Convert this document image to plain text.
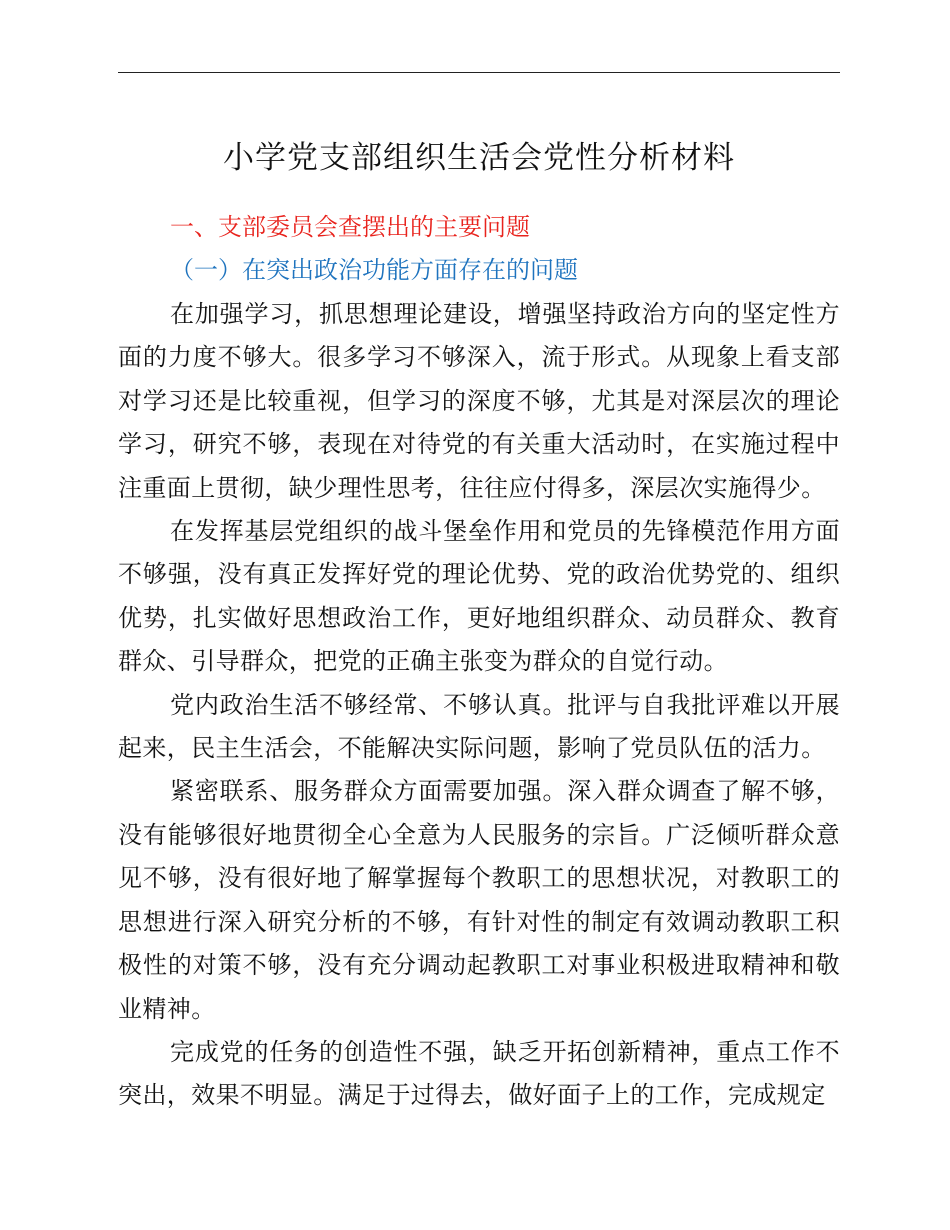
小学党支部组织生活会党性分析材料
一、支部委员会查摆出的主要问题
（一）在突出政治功能方面存在的问题

在加强学习，抓思想理论建设，增强坚持政治方向的坚定性方面的力度不够大。很多学习不够深入，流于形式。从现象上看支部对学习还是比较重视，但学习的深度不够，尤其是对深层次的理论学习，研究不够，表现在对待党的有关重大活动时，在实施过程中注重面上贯彻，缺少理性思考，往往应付得多，深层次实施得少。

在发挥基层党组织的战斗堡垒作用和党员的先锋模范作用方面不够强，没有真正发挥好党的理论优势、党的政治优势党的、组织优势，扎实做好思想政治工作，更好地组织群众、动员群众、教育群众、引导群众，把党的正确主张变为群众的自觉行动。

党内政治生活不够经常、不够认真。批评与自我批评难以开展起来，民主生活会，不能解决实际问题，影响了党员队伍的活力。

紧密联系、服务群众方面需要加强。深入群众调查了解不够，没有能够很好地贯彻全心全意为人民服务的宗旨。广泛倾听群众意见不够，没有很好地了解掌握每个教职工的思想状况，对教职工的思想进行深入研究分析的不够，有针对性的制定有效调动教职工积极性的对策不够，没有充分调动起教职工对事业积极进取精神和敬业精神。

完成党的任务的创造性不强，缺乏开拓创新精神，重点工作不突出，效果不明显。满足于过得去，做好面子上的工作，完成规定
